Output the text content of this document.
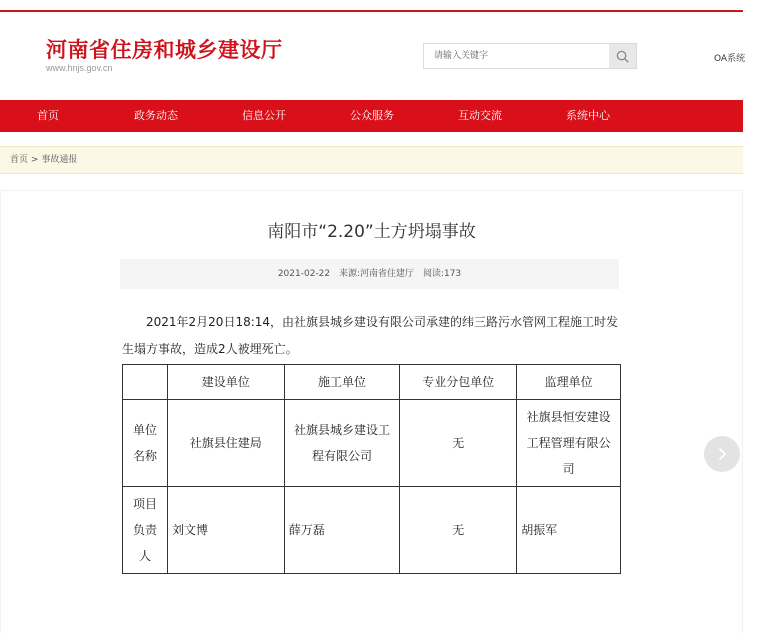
河南省住房和城乡建设厅
www.hnjs.gov.cn
请输入关键字
OA系统
首页	政务动态	信息公开	公众服务	互动交流	系统中心
首页 > 事故通报
南阳市“2.20”土方坍塌事故
2021-02-22 来源:河南省住建厅 阅读:173

2021年2月20日18:14，由社旗县城乡建设有限公司承建的纬三路污水管网工程施工时发生塌方事故，造成2人被埋死亡。

	建设单位	施工单位	专业分包单位	监理单位
单位名称	社旗县住建局	社旗县城乡建设工程有限公司	无	社旗县恒安建设工程管理有限公司
项目负责人	刘文博	薛万磊	无	胡振军
